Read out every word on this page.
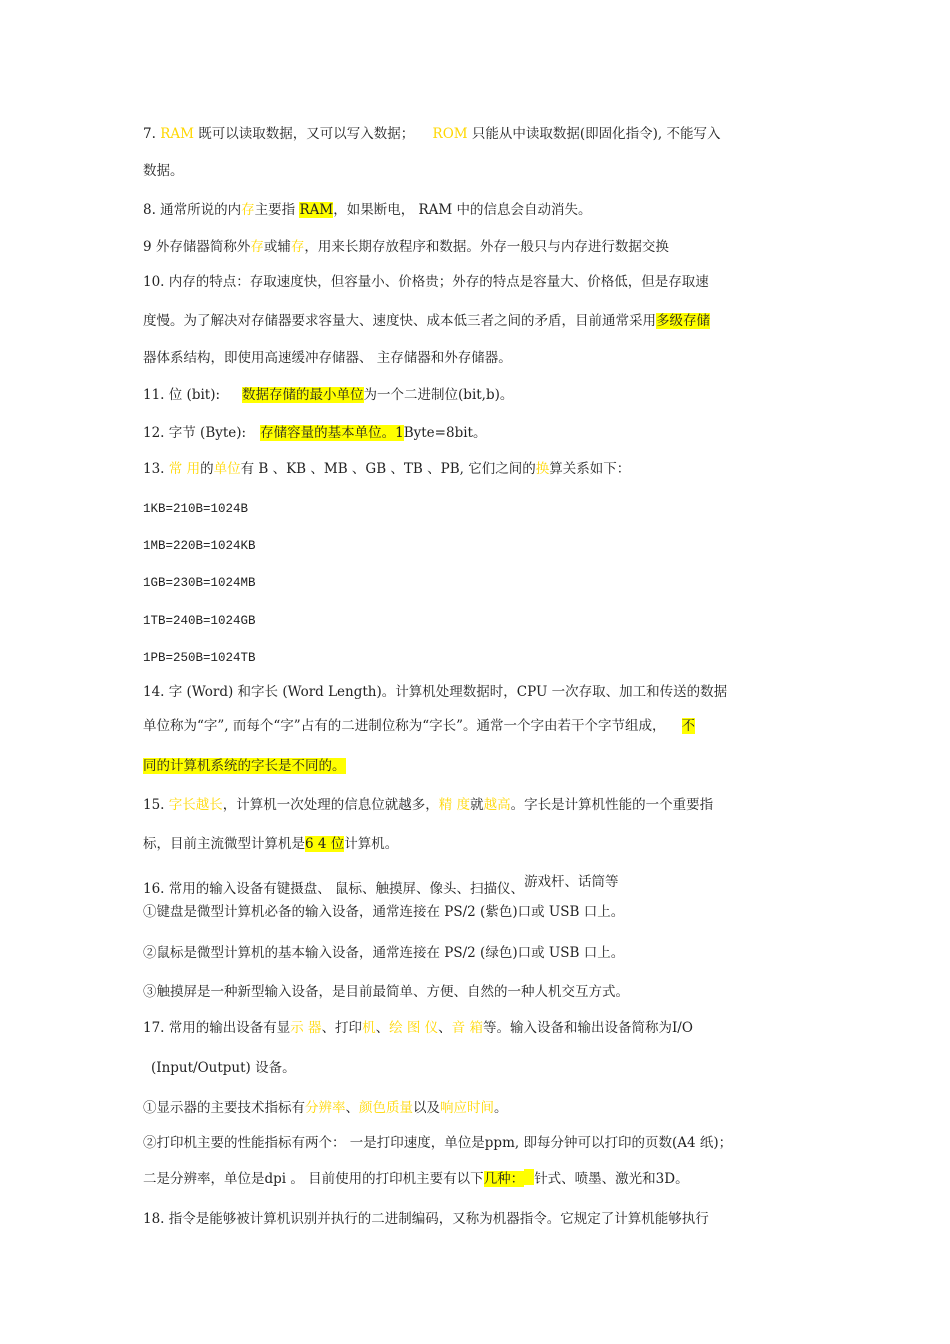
7. RAM 既可以读取数据，又可以写入数据； ROM 只能从中读取数据(即固化指令), 不能写入
数据。
8. 通常所说的内存主要指 RAM，如果断电， RAM 中的信息会自动消失。
9 外存储器简称外存或辅存，用来长期存放程序和数据。外存一般只与内存进行数据交换
10. 内存的特点：存取速度快，但容量小、价格贵；外存的特点是容量大、价格低，但是存取速
度慢。为了解决对存储器要求容量大、速度快、成本低三者之间的矛盾，目前通常采用多级存储
器体系结构，即使用高速缓冲存储器、 主存储器和外存储器。
11. 位 (bit): 数据存储的最小单位为一个二进制位(bit,b)。
12. 字节 (Byte): 存储容量的基本单位。1Byte=8bit。
13. 常 用的单位有 B 、KB 、MB 、GB 、TB 、PB, 它们之间的换算关系如下：
1KB=210B=1024B
1MB=220B=1024KB
1GB=230B=1024MB
1TB=240B=1024GB
1PB=250B=1024TB
14. 字 (Word) 和字长 (Word Length)。计算机处理数据时，CPU 一次存取、加工和传送的数据
单位称为“字”, 而每个“字”占有的二进制位称为“字长”。通常一个字由若干个字节组成， 不
同的计算机系统的字长是不同的。
15. 字长越长，计算机一次处理的信息位就越多，精 度就越高。字长是计算机性能的一个重要指
标，目前主流微型计算机是6 4 位计算机。
16. 常用的输入设备有键摄盘、 鼠标、触摸屏、像头、扫描仪、游戏杆、话筒等
①键盘是微型计算机必备的输入设备，通常连接在 PS/2 (紫色)口或 USB 口上。
②鼠标是微型计算机的基本输入设备，通常连接在 PS/2 (绿色)口或 USB 口上。
③触摸屏是一种新型输入设备，是目前最简单、方便、自然的一种人机交互方式。
17. 常用的输出设备有显示 器、打印机、绘 图 仪、音 箱等。输入设备和输出设备简称为I/O
(Input/Output) 设备。
①显示器的主要技术指标有分辨率、颜色质量以及响应时间。
②打印机主要的性能指标有两个： 一是打印速度，单位是ppm, 即每分钟可以打印的页数(A4 纸)；
二是分辨率，单位是dpi 。 目前使用的打印机主要有以下几种： 针式、喷墨、激光和3D。
18. 指令是能够被计算机识别并执行的二进制编码，又称为机器指令。它规定了计算机能够执行
